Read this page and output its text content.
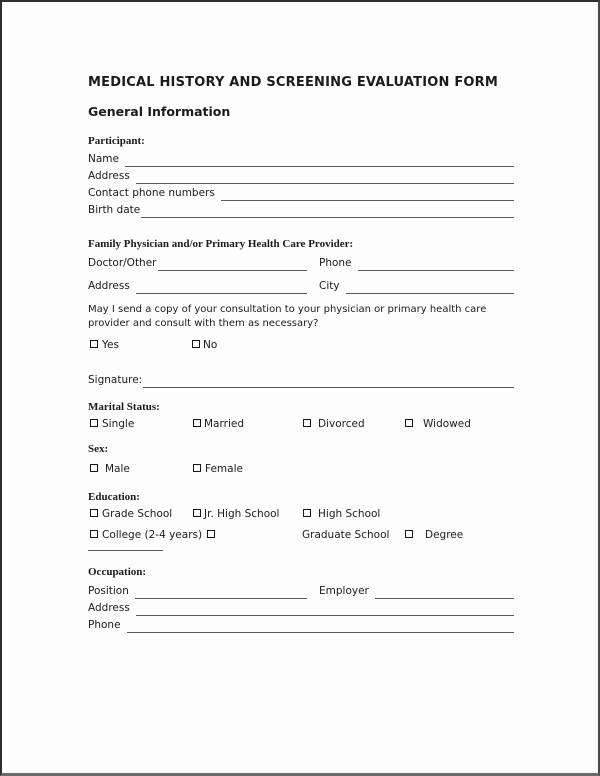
MEDICAL HISTORY AND SCREENING EVALUATION FORM
General Information
Participant:
Name
Address
Contact phone numbers
Birth date
Family Physician and/or Primary Health Care Provider:
Doctor/Other	Phone
Address	City
May I send a copy of your consultation to your physician or primary health care provider and consult with them as necessary?
Yes	No
Signature:
Marital Status:
Single	Married	Divorced	Widowed
Sex:
Male	Female
Education:
Grade School	Jr. High School	High School
College (2-4 years)	Graduate School	Degree
Occupation:
Position	Employer
Address
Phone
